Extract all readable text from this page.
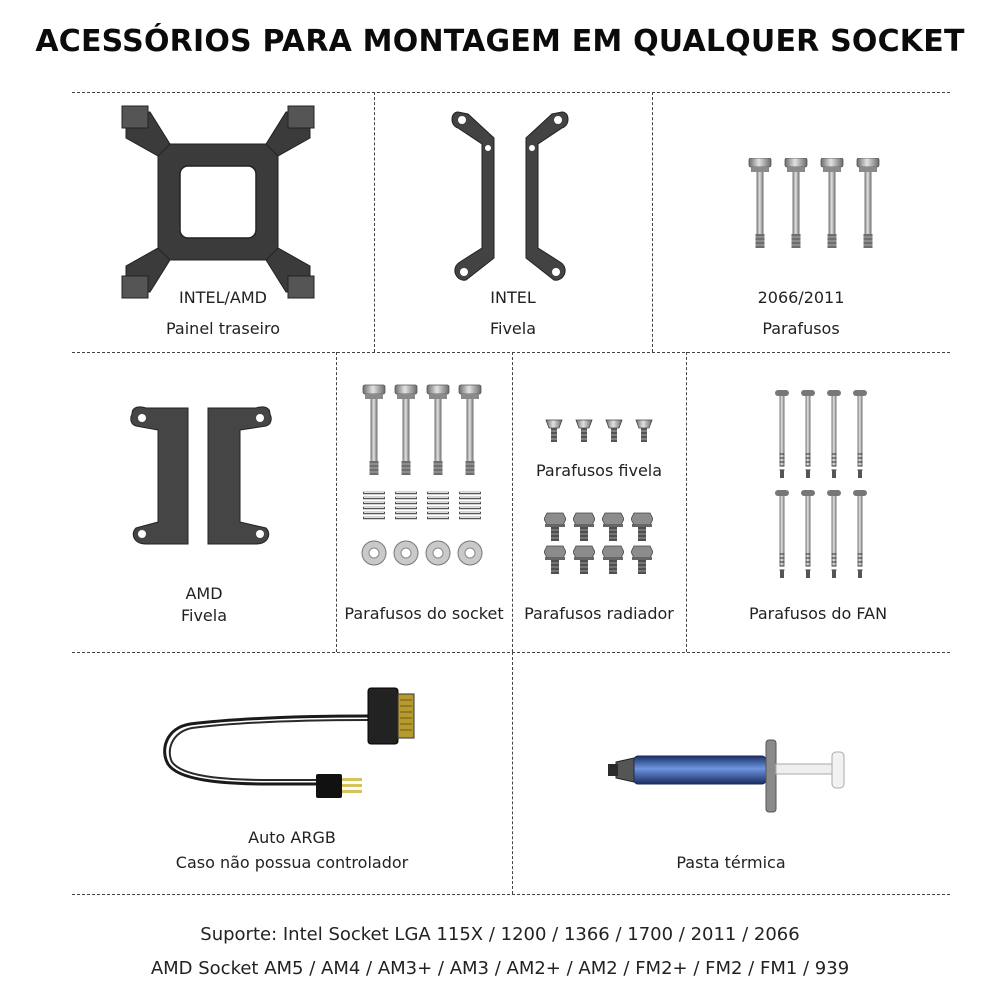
ACESSÓRIOS PARA MONTAGEM EM QUALQUER SOCKET
INTEL/AMD
Painel traseiro
INTEL
Fivela
2066/2011
Parafusos
AMD
Fivela	Parafusos do socket
Parafusos fivela
Parafusos radiador	Parafusos do FAN
Auto ARGB
Caso não possua controlador	Pasta térmica
Suporte: Intel Socket LGA 115X / 1200 / 1366 / 1700 / 2011 / 2066
AMD Socket AM5 / AM4 / AM3+ / AM3 / AM2+ / AM2 / FM2+ / FM2 / FM1 / 939
